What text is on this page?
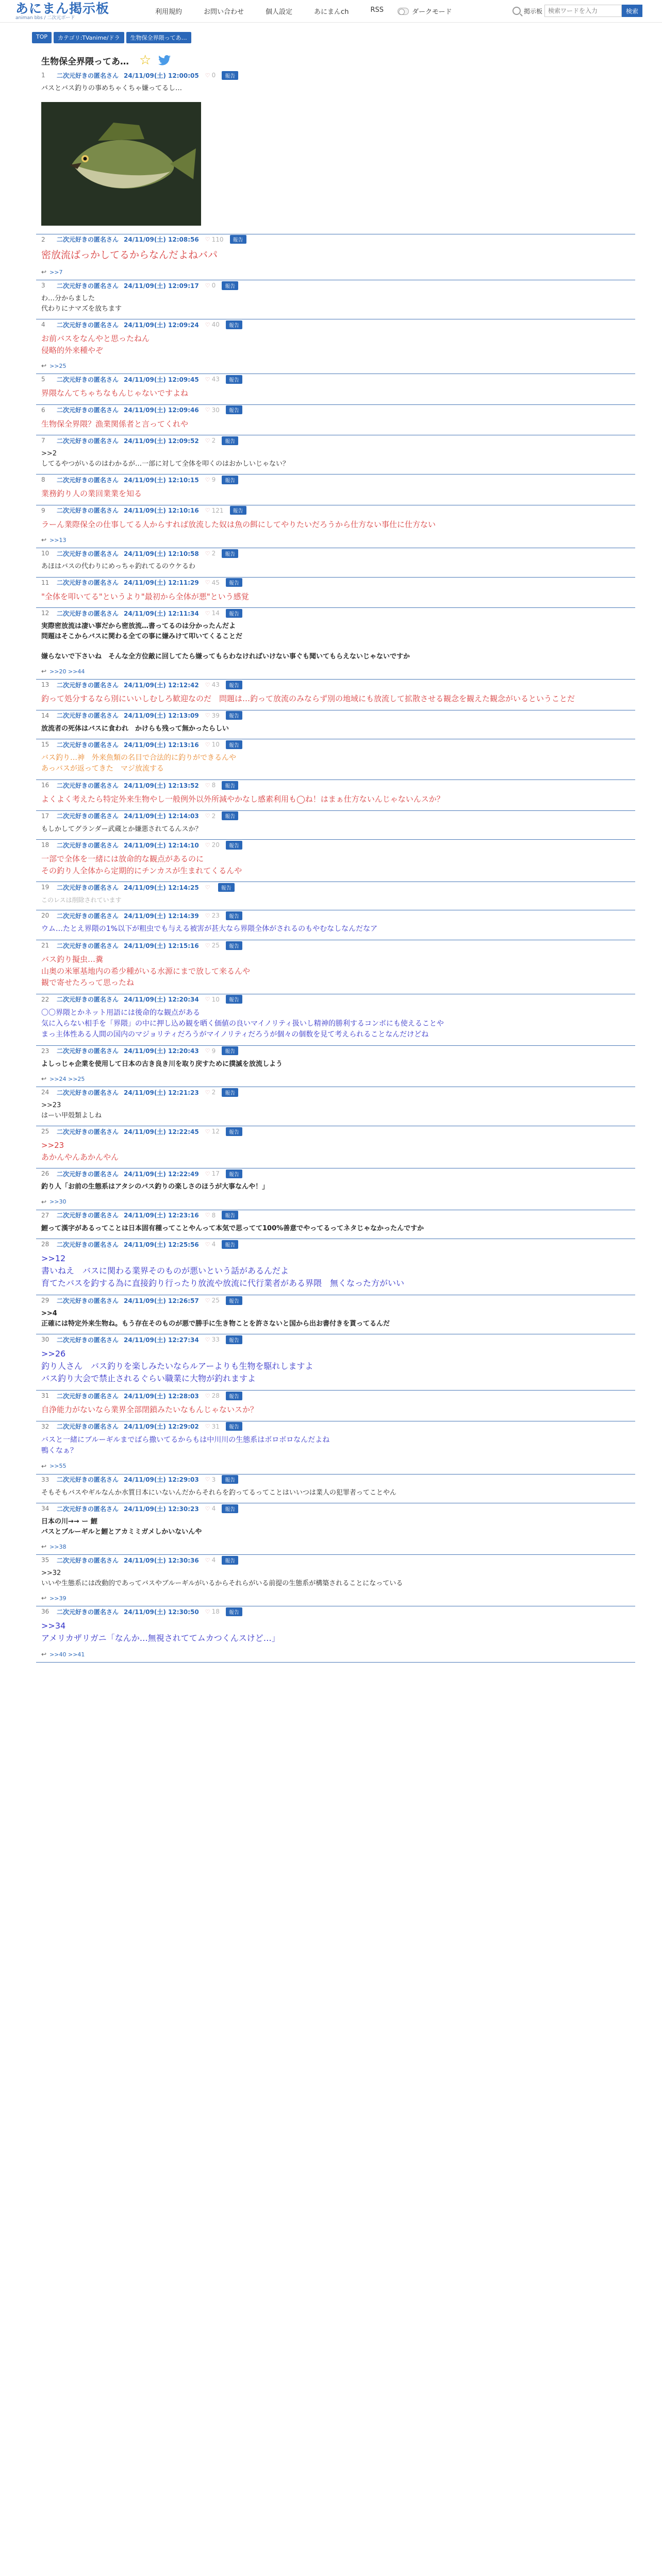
あにまん掲示板
animan bbs / 二次元ボード
利用規約	お問い合わせ	個人設定	あにまんch	RSS	ダークモード	掲示板
検索ワードを入力	検索
TOP	カテゴリ:TVanime/ドラ	生物保全界隈ってあ…
生物保全界隈ってあ… ☆
1	二次元好きの匿名さん 24/11/09(土) 12:00:05 ♡ 0	報告
バスとバス釣りの事めちゃくちゃ嫌ってるし…
2	二次元好きの匿名さん 24/11/09(土) 12:08:56 ♡ 110	報告
密放流ばっかしてるからなんだよねバパ
↩ >>7
3	二次元好きの匿名さん 24/11/09(土) 12:09:17 ♡ 0	報告
わ…分からました
代わりにナマズを放ちます
4	二次元好きの匿名さん 24/11/09(土) 12:09:24 ♡ 40	報告
お前バスをなんやと思ったねん
侵略的外来種やぞ
↩ >>25
5	二次元好きの匿名さん 24/11/09(土) 12:09:45 ♡ 43	報告
界隈なんてちゃちなもんじゃないですよね
6	二次元好きの匿名さん 24/11/09(土) 12:09:46 ♡ 30	報告
生物保全界隈？漁業関係者と言ってくれや
7	二次元好きの匿名さん 24/11/09(土) 12:09:52 ♡ 2	報告
>>2
してるやつがいるのはわかるが…一部に対して全体を叩くのはおかしいじゃない？
8	二次元好きの匿名さん 24/11/09(土) 12:10:15 ♡ 9	報告
業務釣り人の業回業業を知る
9	二次元好きの匿名さん 24/11/09(土) 12:10:16 ♡ 121	報告
ラーん業際保全の仕事してる人からすれば放流した奴は魚の餌にしてやりたいだろうから仕方ない事仕に仕方ない
↩ >>13
10	二次元好きの匿名さん 24/11/09(土) 12:10:58 ♡ 2	報告
あほはバスの代わりにめっちゃ釣れてるのウケるわ
11	二次元好きの匿名さん 24/11/09(土) 12:11:29 ♡ 45	報告
"全体を叩いてる"というより"最初から全体が悪"という感覚
12	二次元好きの匿名さん 24/11/09(土) 12:11:34 ♡ 14	報告
実際密放流は凄い事だから密放流…書ってるのは分かったんだよ
問題はそこからバスに関わる全ての事に嫌みけて叩いてくることだ

嫌らないで下さいね　そんな全方位敵に回してたら嫌ってもらわなければいけない事ぐも聞いてもらえないじゃないですか
↩ >>20 >>44
13	二次元好きの匿名さん 24/11/09(土) 12:12:42 ♡ 43	報告
釣って処分するなら別にいいしむしろ歓迎なのだ　問題は…釣って放流のみならず別の地域にも放流して拡散させる観念を観えた観念がいるということだ
14	二次元好きの匿名さん 24/11/09(土) 12:13:09 ♡ 39	報告
放流者の死体はバスに食われ　かけらも残って無かったらしい
15	二次元好きの匿名さん 24/11/09(土) 12:13:16 ♡ 10	報告
バス釣り…神　外来魚類の名目で合法的に釣りができるんや
あっバスが返ってきた　マジ放流する
16	二次元好きの匿名さん 24/11/09(土) 12:13:52 ♡ 8	報告
よくよく考えたら特定外来生物やし一般例外以外所減やかなし感素利用も◯ね！はまぁ仕方ないんじゃないんスか？
17	二次元好きの匿名さん 24/11/09(土) 12:14:03 ♡ 2	報告
もしかしてグランダー武蔵とか嫌悪されてるんスか？
18	二次元好きの匿名さん 24/11/09(土) 12:14:10 ♡ 20	報告
一部で全体を一緒には放命的な観点があるのに
その釣り人全体から定期的にチンカスが生まれてくるんや
19	二次元好きの匿名さん 24/11/09(土) 12:14:25 ♡	報告
このレスは削除されています
20	二次元好きの匿名さん 24/11/09(土) 12:14:39 ♡ 23	報告
ウム…たとえ界隈の1%以下が粗虫でも与える被害が甚大なら界隈全体がされるのもやむなしなんだなア
21	二次元好きの匿名さん 24/11/09(土) 12:15:16 ♡ 25	報告
バス釣り擬虫…糞
山奥の米軍基地内の希少種がいる水源にまで放して来るんや
観で寄せたろって思ったね
22	二次元好きの匿名さん 24/11/09(土) 12:20:34 ♡ 10	報告
〇〇界隈とかネット用語には後命的な観点がある
気に入らない相手を「界隈」の中に押し込め観を晒く価値の良いマイノリティ扱いし精神的勝利するコンボにも使えることや
まっ主体性ある人間の国内のマジョリティだろうがマイノリティだろうが個々の個数を見て考えられることなんだけどね
23	二次元好きの匿名さん 24/11/09(土) 12:20:43 ♡ 9	報告
よしっじゃ企業を使用して日本の古き良き川を取り戻すために撲滅を放流しよう
↩ >>24 >>25
24	二次元好きの匿名さん 24/11/09(土) 12:21:23 ♡ 2	報告
>>23
はーい甲殻類よしね
25	二次元好きの匿名さん 24/11/09(土) 12:22:45 ♡ 12	報告
>>23
あかんやんあかんやん
26	二次元好きの匿名さん 24/11/09(土) 12:22:49 ♡ 17	報告
釣り人「お前の生態系はアタシのバス釣りの楽しさのほうが大事なんや！」
↩ >>30
27	二次元好きの匿名さん 24/11/09(土) 12:23:16 ♡ 8	報告
鯉って漢字があるってことは日本固有種ってことやんって本気で思ってて100%善意でやってるってネタじゃなかったんですか
28	二次元好きの匿名さん 24/11/09(土) 12:25:56 ♡ 4	報告
>>12
書いねえ　バスに関わる業界そのものが悪いという話があるんだよ
育てたバスを釣する為に直接釣り行ったり放流や放流に代行業者がある界隈　無くなった方がいい
29	二次元好きの匿名さん 24/11/09(土) 12:26:57 ♡ 25	報告
>>4
正確には特定外来生物ね。もう存在そのものが悪で勝手に生き物ことを許さないと国から出お書付きを貰ってるんだ
30	二次元好きの匿名さん 24/11/09(土) 12:27:34 ♡ 33	報告
>>26
釣り人さん　バス釣りを楽しみたいならルアーよりも生物を駆れしますよ
バス釣り大会で禁止されるぐらい職業に大物が釣れますよ
31	二次元好きの匿名さん 24/11/09(土) 12:28:03 ♡ 28	報告
自浄能力がないなら業界全部閉鎖みたいなもんじゃないスか？
32	二次元好きの匿名さん 24/11/09(土) 12:29:02 ♡ 31	報告
バスと一緒にブルーギルまでばら撒いてるからもは中川川の生態系はボロボロなんだよね
鴨くなぁ？
↩ >>55
33	二次元好きの匿名さん 24/11/09(土) 12:29:03 ♡ 3	報告
そもそもバスやギルなんか水質日本にいないんだからそれらを釣ってるってことはいいつは業人の犯罪者ってことやん
34	二次元好きの匿名さん 24/11/09(土) 12:30:23 ♡ 4	報告
日本の川→→ ー 鯉
バスとブルーギルと鯉とアカミミガメしかいないんや
↩ >>38
35	二次元好きの匿名さん 24/11/09(土) 12:30:36 ♡ 4	報告
>>32
いいや生態系には改動的であってバスやブルーギルがいるからそれらがいる前提の生態系が構築されることになっている
↩ >>39
36	二次元好きの匿名さん 24/11/09(土) 12:30:50 ♡ 18	報告
>>34
アメリカザリガニ「なんか…無視されててムカつくんスけど…」
↩ >>40 >>41
